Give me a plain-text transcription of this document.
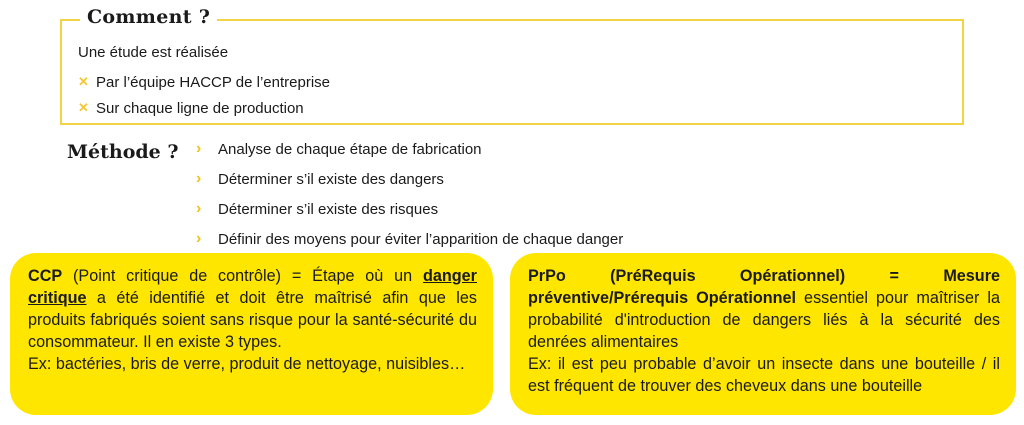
Comment ?
Une étude est réalisée
✕ Par l’équipe HACCP de l’entreprise
✕ Sur chaque ligne de production
Méthode ? ›	Analyse de chaque étape de fabrication
›	Déterminer s’il existe des dangers
›	Déterminer s’il existe des risques
›	Définir des moyens pour éviter l’apparition de chaque danger

CCP (Point critique de contrôle) = Étape où un danger critique a été identifié et doit être maîtrisé afin que les produits fabriqués soient sans risque pour la santé-sécurité du consommateur. Il en existe 3 types.

Ex: bactéries, bris de verre, produit de nettoyage, nuisibles…

PrPo (PréRequis Opérationnel) = Mesure préventive/Prérequis Opérationnel essentiel pour maîtriser la probabilité d'introduction de dangers liés à la sécurité des denrées alimentaires

Ex: il est peu probable d’avoir un insecte dans une bouteille / il est fréquent de trouver des cheveux dans une bouteille
